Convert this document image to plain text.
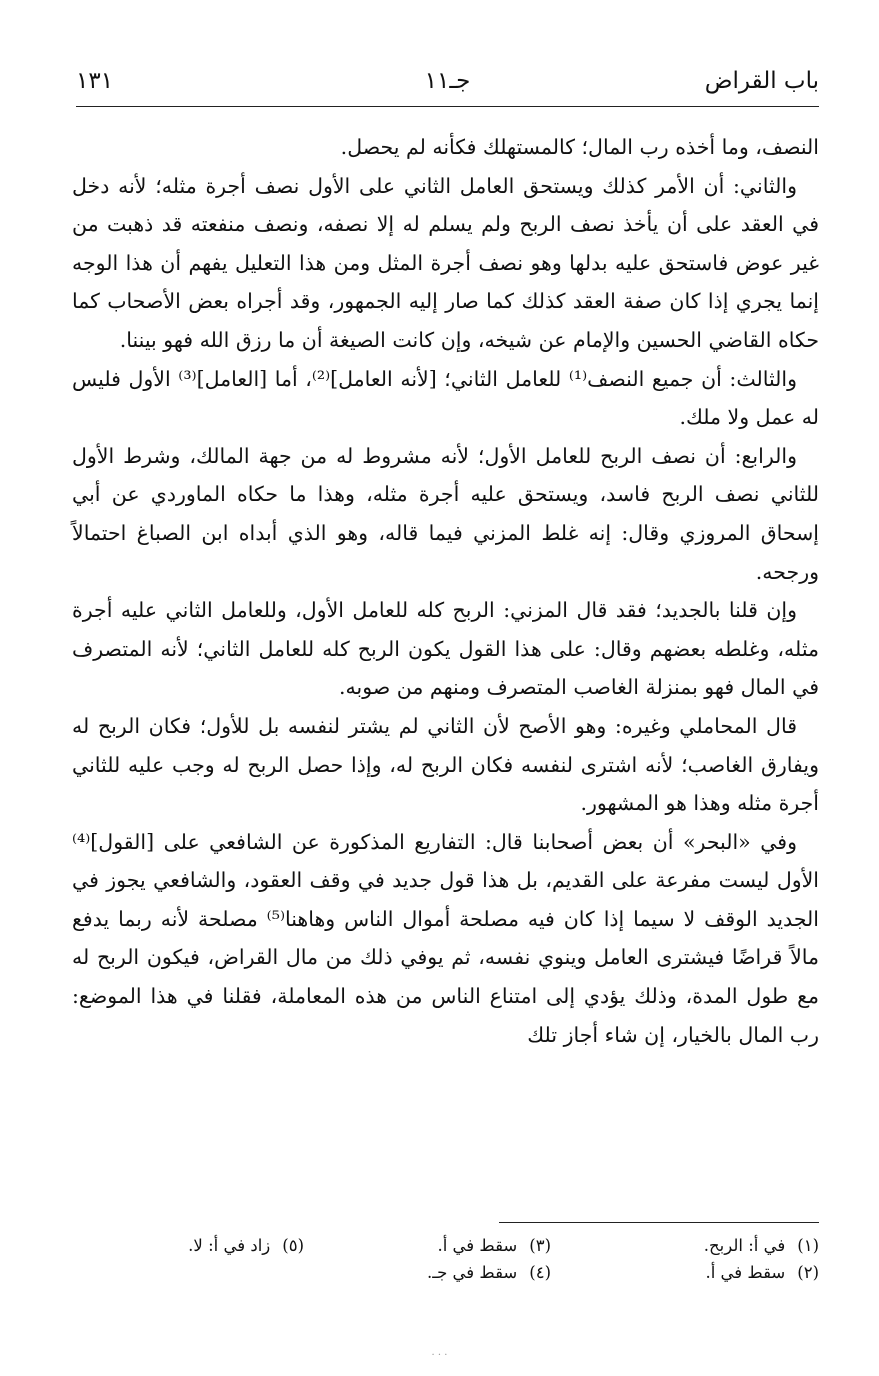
باب القراض
جـ١١
١٣١

النصف، وما أخذه رب المال؛ كالمستهلك فكأنه لم يحصل.

والثاني: أن الأمر كذلك ويستحق العامل الثاني على الأول نصف أجرة مثله؛ لأنه دخل في العقد على أن يأخذ نصف الربح ولم يسلم له إلا نصفه، ونصف منفعته قد ذهبت من غير عوض فاستحق عليه بدلها وهو نصف أجرة المثل ومن هذا التعليل يفهم أن هذا الوجه إنما يجري إذا كان صفة العقد كذلك كما صار إليه الجمهور، وقد أجراه بعض الأصحاب كما حكاه القاضي الحسين والإمام عن شيخه، وإن كانت الصيغة أن ما رزق الله فهو بيننا.

والثالث: أن جميع النصف⁽¹⁾ للعامل الثاني؛ [لأنه العامل]⁽²⁾، أما [العامل]⁽³⁾ الأول فليس له عمل ولا ملك.

والرابع: أن نصف الربح للعامل الأول؛ لأنه مشروط له من جهة المالك، وشرط الأول للثاني نصف الربح فاسد، ويستحق عليه أجرة مثله، وهذا ما حكاه الماوردي عن أبي إسحاق المروزي وقال: إنه غلط المزني فيما قاله، وهو الذي أبداه ابن الصباغ احتمالاً ورجحه.

وإن قلنا بالجديد؛ فقد قال المزني: الربح كله للعامل الأول، وللعامل الثاني عليه أجرة مثله، وغلطه بعضهم وقال: على هذا القول يكون الربح كله للعامل الثاني؛ لأنه المتصرف في المال فهو بمنزلة الغاصب المتصرف ومنهم من صوبه.

قال المحاملي وغيره: وهو الأصح لأن الثاني لم يشتر لنفسه بل للأول؛ فكان الربح له ويفارق الغاصب؛ لأنه اشترى لنفسه فكان الربح له، وإذا حصل الربح له وجب عليه للثاني أجرة مثله وهذا هو المشهور.

وفي «البحر» أن بعض أصحابنا قال: التفاريع المذكورة عن الشافعي على [القول]⁽⁴⁾ الأول ليست مفرعة على القديم، بل هذا قول جديد في وقف العقود، والشافعي يجوز في الجديد الوقف لا سيما إذا كان فيه مصلحة أموال الناس وهاهنا⁽⁵⁾ مصلحة لأنه ربما يدفع مالاً قراضًا فيشترى العامل وينوي نفسه، ثم يوفي ذلك من مال القراض، فيكون الربح له مع طول المدة، وذلك يؤدي إلى امتناع الناس من هذه المعاملة، فقلنا في هذا الموضع: رب المال بالخيار، إن شاء أجاز تلك

(١)في أ: الربح.
(٢)سقط في أ.
(٣)سقط في أ.
(٤)سقط في جـ.
(٥)زاد في أ: لا.
· · ·
